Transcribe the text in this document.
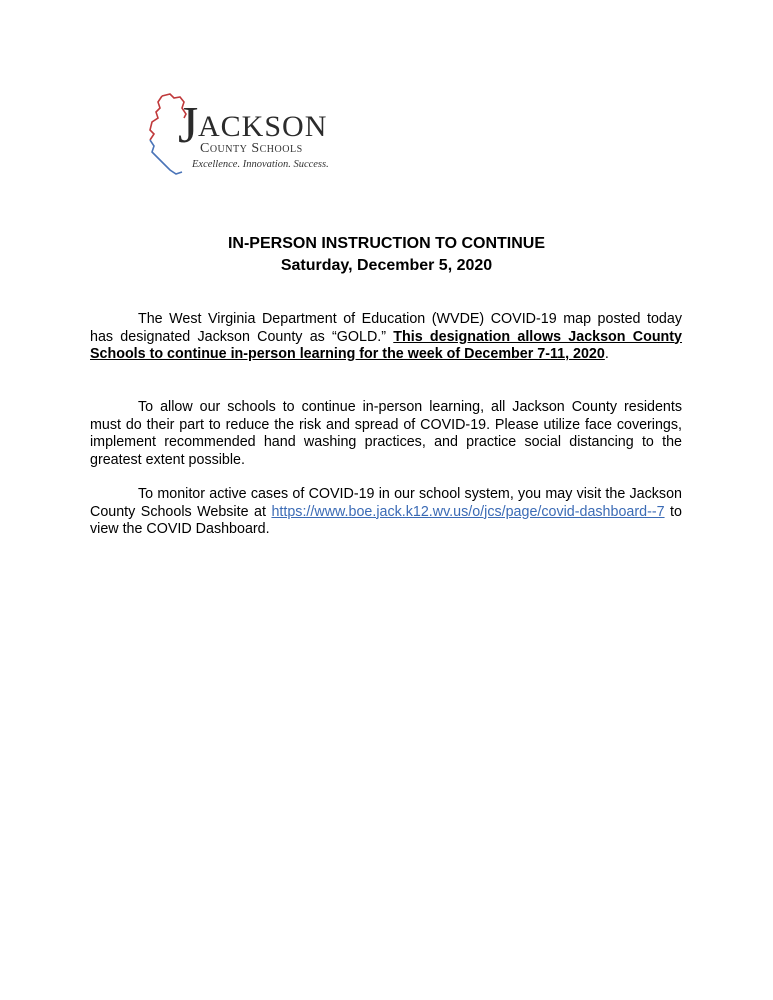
J ACKSON
County Schools
Excellence. Innovation. Success.
IN-PERSON INSTRUCTION TO CONTINUE
Saturday, December 5, 2020

The West Virginia Department of Education (WVDE) COVID-19 map posted today has designated Jackson County as “GOLD.” This designation allows Jackson County Schools to continue in-person learning for the week of December 7-11, 2020.

To allow our schools to continue in-person learning, all Jackson County residents must do their part to reduce the risk and spread of COVID-19. Please utilize face coverings, implement recommended hand washing practices, and practice social distancing to the greatest extent possible.

To monitor active cases of COVID-19 in our school system, you may visit the Jackson County Schools Website at https://www.boe.jack.k12.wv.us/o/jcs/page/covid-dashboard--7 to view the COVID Dashboard.
